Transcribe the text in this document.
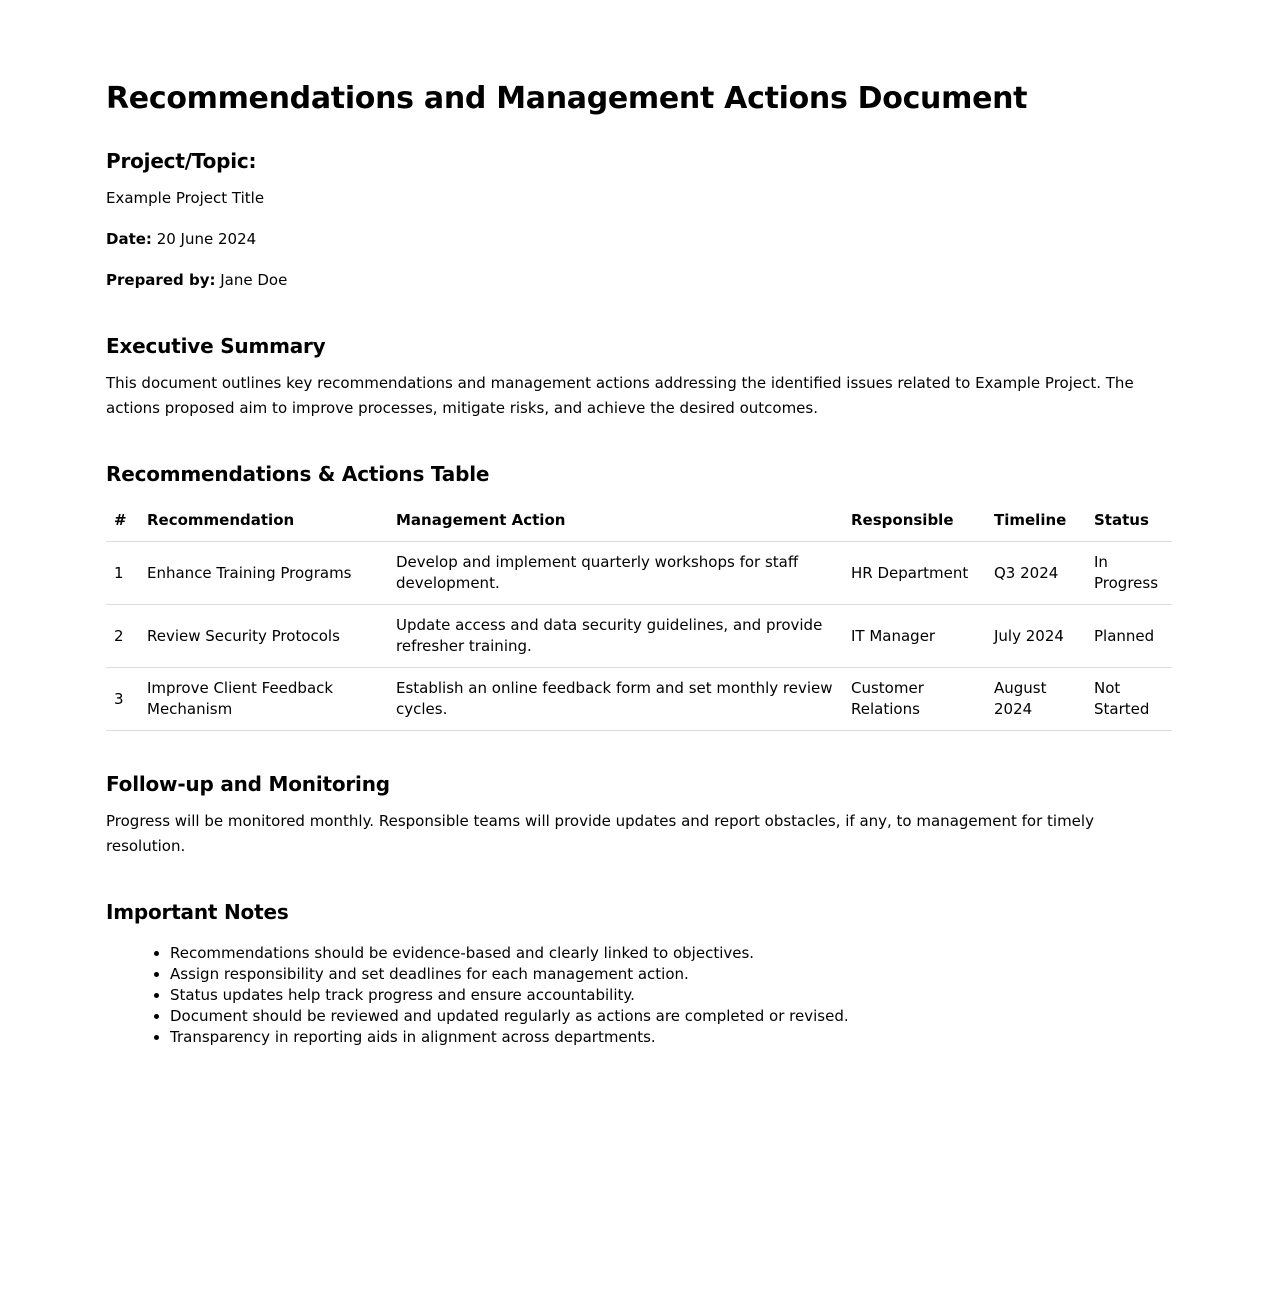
Recommendations and Management Actions Document
Project/Topic:

Example Project Title

Date: 20 June 2024

Prepared by: Jane Doe

Executive Summary

This document outlines key recommendations and management actions addressing the identified issues related to Example Project. The actions proposed aim to improve processes, mitigate risks, and achieve the desired outcomes.

Recommendations & Actions Table
#	Recommendation	Management Action	Responsible	Timeline	Status
1	Enhance Training Programs	Develop and implement quarterly workshops for staff development.	HR Department	Q3 2024	In Progress
2	Review Security Protocols	Update access and data security guidelines, and provide refresher training.	IT Manager	July 2024	Planned
3	Improve Client Feedback Mechanism	Establish an online feedback form and set monthly review cycles.	Customer Relations	August 2024	Not Started
Follow-up and Monitoring

Progress will be monitored monthly. Responsible teams will provide updates and report obstacles, if any, to management for timely resolution.

Important Notes
• Recommendations should be evidence-based and clearly linked to objectives.
• Assign responsibility and set deadlines for each management action.
• Status updates help track progress and ensure accountability.
• Document should be reviewed and updated regularly as actions are completed or revised.
• Transparency in reporting aids in alignment across departments.
